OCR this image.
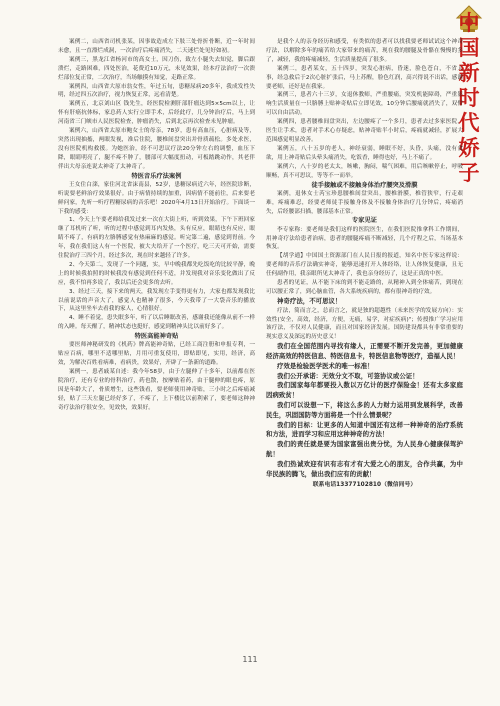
中
国
新
时
代
娇
子

案例二，山西省司机张某，因事故造成左下肢三处骨折骨断，近一年时间未愈，且一直漂烂成洞，一次治疗后疼痛消失，二天迷烂处见好如初。

案例三，黑龙江省杨河市的高女士，因刀伤，致左小腿失去知觉，脚后跟溃烂，走路困难，四处医治，花费近10万元，未见效果，经本疗法治疗一次溃烂部位复正常，二次治疗，当场触摸有知觉，走路正常。

案例四，山西省大原市翁女性，年过五旬，患糖尿病20多年，我成发性失明，经过四五次治疗，视力恢复正常，远看清楚。

案例五，北京刘山区 钱先生，经医院检测肝部肝瘤达到5×5cm以上，让怀有肝癌抗体标，家总药人实行立即手术，后经此疗，几分钟治疗后，马上到河南省三门峡市人民医院检查，肿瘤消失，后到北京再次检查未见肿瘤。

案例六，山西省太原市鲍女士的母亲，78岁，患有高血压，心脏病及等，突然出现抽搐，两眼发视，准后住院，腰椎间盘突出并骨质疏松。多处求医，没有医院机构救援。为她医治，经不可思议疗法20分钟左右的调整，血压下降，眼睛明亮了，腿不疼不肿了，腰部可大幅度扭动，可板踏跳动作，其老伴伴出大母亲连说太神奇了太神奇了。

特医音乐疗法案例

王女住白滦，家住河北省沫南县，52岁，患糖尿病近六年，经医院诊断，听说要老鲜治疗效果很好。由于病情持续的加重，因病情不能前往，后来要老鲜问家，先听一听疗程糖尿病的音乐吧！2020年4月13日开始治疗。下面谈一下我的感受：

1、今天上午要老师给我发过来一次在大街上听，听到效果，下午下班回家继了耳机听了听，听的过程中感觉到耳内发热，头有反应，眼睛也有反应，眼睛不疼了，有病的左胳膊感觉有热麻麻的感觉。听完第二遍，感觉到胃前。今年，我在我们这人有一个医院，被大夫给开了一个医疗，吃三天可开始，需要住院治疗三四个月，经过多次，现在时来越轻了许多。

2、今天第二，发现了一个问题，实，早中晚我都先吃饭吃的比较平静，晚上的时候我拍照的时候我没有感觉到任何不适，并发现我对音乐变化做出了反应，我不怕再多说了，我以后还会更多的去听。

3、经过三天，接下来的两天，我发现左手变得更有力，大家也都发现我比以前说话的声音大了，感觉人也精神了很多，今天我带了一大袋音乐的播放下，从这里坐车去看我的家人，心情很好。

4、睡不着觉，患失眠多年，听了以后睡眠改善，感谢我还能像从前不一样的入睡。每天醒了，精神状态也挺好，感觉到精神头比以前好多了。

特医高能神奇贴

要医师神秘研发的《机药》牌高能神奇贴，已经工商注册和申报专利，一贴应百病，哪里不适哪里贴，月用可重复使用，即贴即见，实用，经济，高效，为解决百姓看病难，看病贵，效果好，开辟了一条新的道路。

案例一，患者戚某自述：我今年58岁，由于左腿伸了十多年，以前都在医院治疗，还有专业的骨科治疗，药也散，按摩贴着药，由于腿伸的眼也疼，原因是年龄大了，骨质增生，这些钱看，要老师使用神奇贴，三小时之后疼痛减轻，贴了三天左腿已经好多了，不疼了，上下楼比以前利索了，要老师这种神奇疗法治疗很安全，见效快，效果好。

是我个人的亲身经历和感受，有类似的患者可以找我要老师试试这个神奇疗法，以解除多年的痛苦给大家带来的痛苦，现在我的腰腿及骨骼在慢慢的多了，减轻，我的疼痛减轻，生活质量提高了很多。

案例二，患者某女，五十四岁，突发心脏病，昏迷，脸色苍白，不省人事，经急救后于2次心脏扩张后，马上苏醒，脸色红润，高兴得说不出话，感谢要老师，还好是在我家。

案例三，患者六十三岁，女退休教师，严重腰痛，突发机能障碍，严重影响生活质量在一只胳膊上贴神奇贴后立即见效，10分钟后腰痛就消失了，双臂可以自由活动。

案例四，患者腰椎间盘突出，左边腰疼了一个多月，患者去过多家医院，医生让手术，患者对手术心存疑虑，贴神奇贴半小时后，疼痛就减轻，扩展大范围感觉明显改善。

案例五，八十五岁的老人，神经衰弱，睡眠不好，头昏，头痛，没有食欲，用上神奇贴后头晕头痛消失，吃饭香，睡得也好，马上不痛了。

案例六，八十岁的老太太，咳嗽，胸闷，喘气困难，用后咳嗽停止，呼吸顺畅，真不可思议，等等不一而举。

徒手接触或不接触身体治疗腰突及滑膜

案例，退休女士芮宝珍患腰椎间盘突出，腰椎滑膜，椎管狭窄，行走艰难，疼痛难忍，经要老师徒手接触身体及不接触身体治疗几分钟后，疼痛消失，后经腰部扫描，腰部基本正常。

专家见证

李专家称：要老师是我们这样的医院医生，在我们医院推拿科工作期间，用神奇疗法给患者治病，患者的腰腿疼痛不断减轻，几个疗程之后，当场基本恢复。

【胡学通】中国国土资源部门在人民日报的报道，知名中医专家这样说：要老师的音乐疗法确实神奇，能够迅速打开人体经络，让人体恢复健康，且无任何副作用，我亲眼所见太神奇了，我也亲身经历了，这是正真的中医。

患者的见证，从不能下床的到不能走路的，从精神入到全体痛苦，到现在可以腰正常了，到心脑血管，各大系统疾病的，都有很神奇的疗效。

神奇疗法，不可思议！

疗法，简而言之，总而言之，就是独的超越性（未来医学的发展方向）：实效性(安全，高效，经济，方便，无痛，易学，对症疾病)"；传授推广学习应用该疗法，不仅对人民健康，而且对国家经济发展。国防建设都具有非常重要的现实意义及深远的历史意义！

我们在全国范围内寻找有缘人，正需要不断开发完善，更加健康经济高效的特医信息、特医信息卡，特医信息物等医疗，造福人民！

疗效是检验医学医术的唯一标准！

我们公开承诺：无效分文不取，可签协议或公证！

我们国家每年都要投入数以万亿计的医疗保险金！还有太多家庭因病致贫！

我们可以设想一下，将这么多的人力财力运用到发展科学，改善民生，巩固国防等方面将是一个什么情景呢？

我们的目标：让更多的人知道中国还有这样一种神奇的治疗系统和方法，进而学习和应用这种神奇的方法！

我们的责任就是要为国家富强出贵分忧，为人民身心健康保驾护航！

我们热诚欢迎有识有志有才有大爱之心的朋友，合作共赢，为中华民族的腾飞，做出我们应有的贡献！

联系电话13377102810（微信同号）

111
